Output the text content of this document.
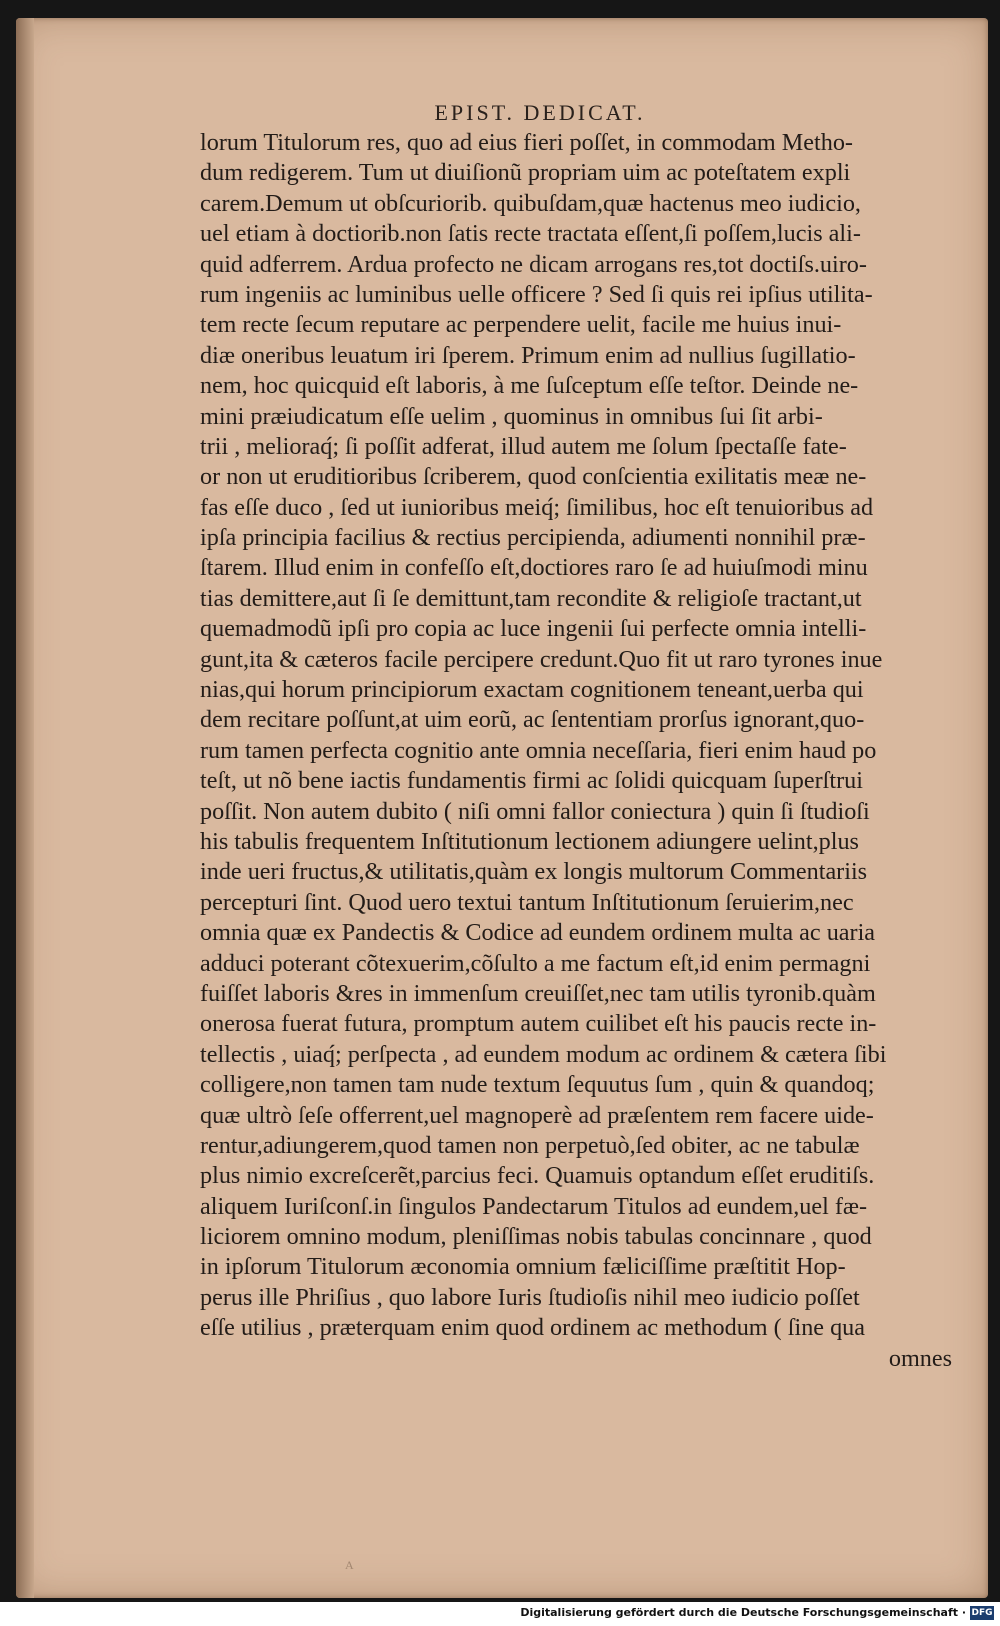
EPIST. DEDICAT.
lorum Titulorum res, quo ad eius fieri poſſet, in commodam Metho-
dum redigerem. Tum ut diuiſionũ propriam uim ac poteſtatem expli
carem.Demum ut obſcuriorib. quibuſdam,quæ hactenus meo iudicio,
uel etiam à doctiorib.non ſatis recte tractata eſſent,ſi poſſem,lucis ali-
quid adferrem. Ardua profecto ne dicam arrogans res,tot doctiſs.uiro-
rum ingeniis ac luminibus uelle officere ? Sed ſi quis rei ipſius utilita-
tem recte ſecum reputare ac perpendere uelit, facile me huius inui-
diæ oneribus leuatum iri ſperem. Primum enim ad nullius ſugillatio-
nem, hoc quicquid eſt laboris, à me ſuſceptum eſſe teſtor. Deinde ne-
mini præiudicatum eſſe uelim , quominus in omnibus ſui ſit arbi-
trii , melioraq́; ſi poſſit adferat, illud autem me ſolum ſpectaſſe fate-
or non ut eruditioribus ſcriberem, quod conſcientia exilitatis meæ ne-
fas eſſe duco , ſed ut iunioribus meiq́; ſimilibus, hoc eſt tenuioribus ad
ipſa principia facilius & rectius percipienda, adiumenti nonnihil præ-
ſtarem. Illud enim in confeſſo eſt,doctiores raro ſe ad huiuſmodi minu
tias demittere,aut ſi ſe demittunt,tam recondite & religioſe tractant,ut
quemadmodũ ipſi pro copia ac luce ingenii ſui perfecte omnia intelli-
gunt,ita & cæteros facile percipere credunt.Quo fit ut raro tyrones inue
nias,qui horum principiorum exactam cognitionem teneant,uerba qui
dem recitare poſſunt,at uim eorũ, ac ſententiam prorſus ignorant,quo-
rum tamen perfecta cognitio ante omnia neceſſaria, fieri enim haud po
teſt, ut nõ bene iactis fundamentis firmi ac ſolidi quicquam ſuperſtrui
poſſit. Non autem dubito ( niſi omni fallor coniectura ) quin ſi ſtudioſi
his tabulis frequentem Inſtitutionum lectionem adiungere uelint,plus
inde ueri fructus,& utilitatis,quàm ex longis multorum Commentariis
percepturi ſint. Quod uero textui tantum Inſtitutionum ſeruierim,nec
omnia quæ ex Pandectis & Codice ad eundem ordinem multa ac uaria
adduci poterant cõtexuerim,cõſulto a me factum eſt,id enim permagni
fuiſſet laboris &res in immenſum creuiſſet,nec tam utilis tyronib.quàm
onerosa fuerat futura, promptum autem cuilibet eſt his paucis recte in-
tellectis , uiaq́; perſpecta , ad eundem modum ac ordinem & cætera ſibi
colligere,non tamen tam nude textum ſequutus ſum , quin & quandoq;
quæ ultrò ſeſe offerrent,uel magnoperè ad præſentem rem facere uide-
rentur,adiungerem,quod tamen non perpetuò,ſed obiter, ac ne tabulæ
plus nimio excreſcerẽt,parcius feci. Quamuis optandum eſſet eruditiſs.
aliquem Iuriſconſ.in ſingulos Pandectarum Titulos ad eundem,uel fæ-
liciorem omnino modum, pleniſſimas nobis tabulas concinnare , quod
in ipſorum Titulorum æconomia omnium fæliciſſime præſtitit Hop-
perus ille Phriſius , quo labore Iuris ſtudioſis nihil meo iudicio poſſet
eſſe utilius , præterquam enim quod ordinem ac methodum ( ſine qua
omnes
A
Digitalisierung gefördert durch die Deutsche Forschungsgemeinschaft · DFG
